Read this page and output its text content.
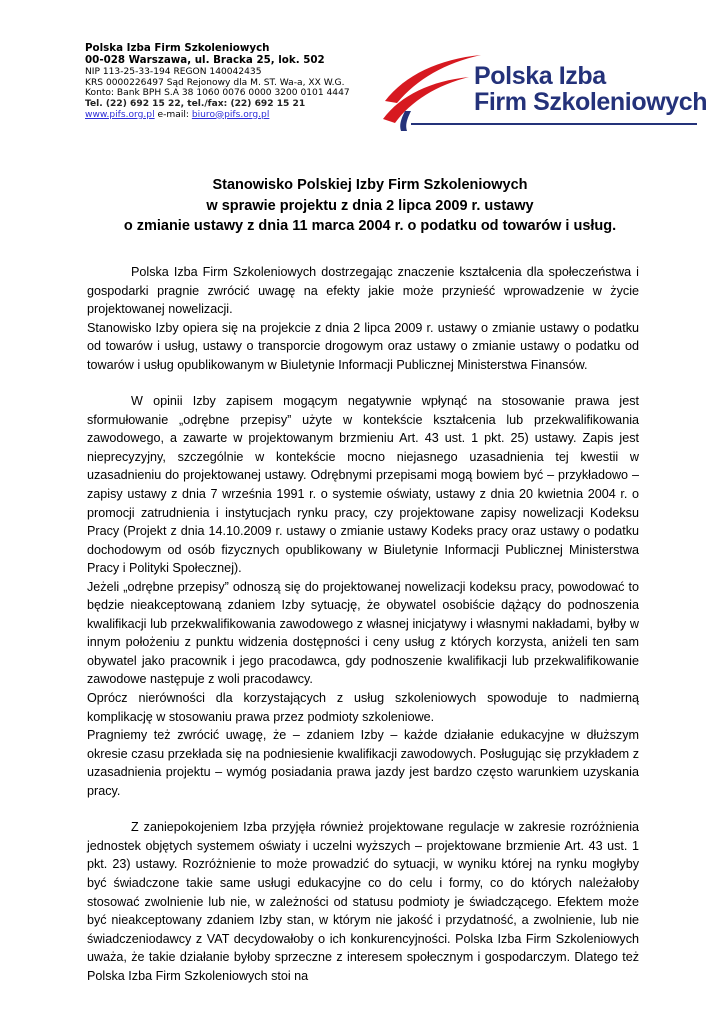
Polska Izba Firm Szkoleniowych
00-028 Warszawa, ul. Bracka 25, lok. 502
NIP 113-25-33-194 REGON 140042435
KRS 0000226497 Sąd Rejonowy dla M. ST. Wa-a, XX W.G.
Konto: Bank BPH S.A 38 1060 0076 0000 3200 0101 4447
Tel. (22) 692 15 22, tel./fax: (22) 692 15 21
www.pifs.org.pl e-mail: biuro@pifs.org.pl
Polska Izba
Firm Szkoleniowych
Stanowisko Polskiej Izby Firm Szkoleniowych
w sprawie projektu z dnia 2 lipca 2009 r. ustawy
o zmianie ustawy z dnia 11 marca 2004 r. o podatku od towarów i usług.

Polska Izba Firm Szkoleniowych dostrzegając znaczenie kształcenia dla społeczeństwa i gospodarki pragnie zwrócić uwagę na efekty jakie może przynieść wprowadzenie w życie projektowanej nowelizacji.

Stanowisko Izby opiera się na projekcie z dnia 2 lipca 2009 r. ustawy o zmianie ustawy o podatku od towarów i usług, ustawy o transporcie drogowym oraz ustawy o zmianie ustawy o podatku od towarów i usług opublikowanym w Biuletynie Informacji Publicznej Ministerstwa Finansów.

W opinii Izby zapisem mogącym negatywnie wpłynąć na stosowanie prawa jest sformułowanie „odrębne przepisy” użyte w kontekście kształcenia lub przekwalifikowania zawodowego, a zawarte w projektowanym brzmieniu Art. 43 ust. 1 pkt. 25) ustawy. Zapis jest nieprecyzyjny, szczególnie w kontekście mocno niejasnego uzasadnienia tej kwestii w uzasadnieniu do projektowanej ustawy. Odrębnymi przepisami mogą bowiem być – przykładowo – zapisy ustawy z dnia 7 września 1991 r. o systemie oświaty, ustawy z dnia 20 kwietnia 2004 r. o promocji zatrudnienia i instytucjach rynku pracy, czy projektowane zapisy nowelizacji Kodeksu Pracy (Projekt z dnia 14.10.2009 r. ustawy o zmianie ustawy Kodeks pracy oraz ustawy o podatku dochodowym od osób fizycznych opublikowany w Biuletynie Informacji Publicznej Ministerstwa Pracy i Polityki Społecznej).

Jeżeli „odrębne przepisy” odnoszą się do projektowanej nowelizacji kodeksu pracy, powodować to będzie nieakceptowaną zdaniem Izby sytuację, że obywatel osobiście dążący do podnoszenia kwalifikacji lub przekwalifikowania zawodowego z własnej inicjatywy i własnymi nakładami, byłby w innym położeniu z punktu widzenia dostępności i ceny usług z których korzysta, aniżeli ten sam obywatel jako pracownik i jego pracodawca, gdy podnoszenie kwalifikacji lub przekwalifikowanie zawodowe następuje z woli pracodawcy.

Oprócz nierówności dla korzystających z usług szkoleniowych spowoduje to nadmierną komplikację w stosowaniu prawa przez podmioty szkoleniowe.

Pragniemy też zwrócić uwagę, że – zdaniem Izby – każde działanie edukacyjne w dłuższym okresie czasu przekłada się na podniesienie kwalifikacji zawodowych. Posługując się przykładem z uzasadnienia projektu – wymóg posiadania prawa jazdy jest bardzo często warunkiem uzyskania pracy.

Z zaniepokojeniem Izba przyjęła również projektowane regulacje w zakresie rozróżnienia jednostek objętych systemem oświaty i uczelni wyższych – projektowane brzmienie Art. 43 ust. 1 pkt. 23) ustawy. Rozróżnienie to może prowadzić do sytuacji, w wyniku której na rynku mogłyby być świadczone takie same usługi edukacyjne co do celu i formy, co do których należałoby stosować zwolnienie lub nie, w zależności od statusu podmioty je świadczącego. Efektem może być nieakceptowany zdaniem Izby stan, w którym nie jakość i przydatność, a zwolnienie, lub nie świadczeniodawcy z VAT decydowałoby o ich konkurencyjności. Polska Izba Firm Szkoleniowych uważa, że takie działanie byłoby sprzeczne z interesem społecznym i gospodarczym. Dlatego też Polska Izba Firm Szkoleniowych stoi na
